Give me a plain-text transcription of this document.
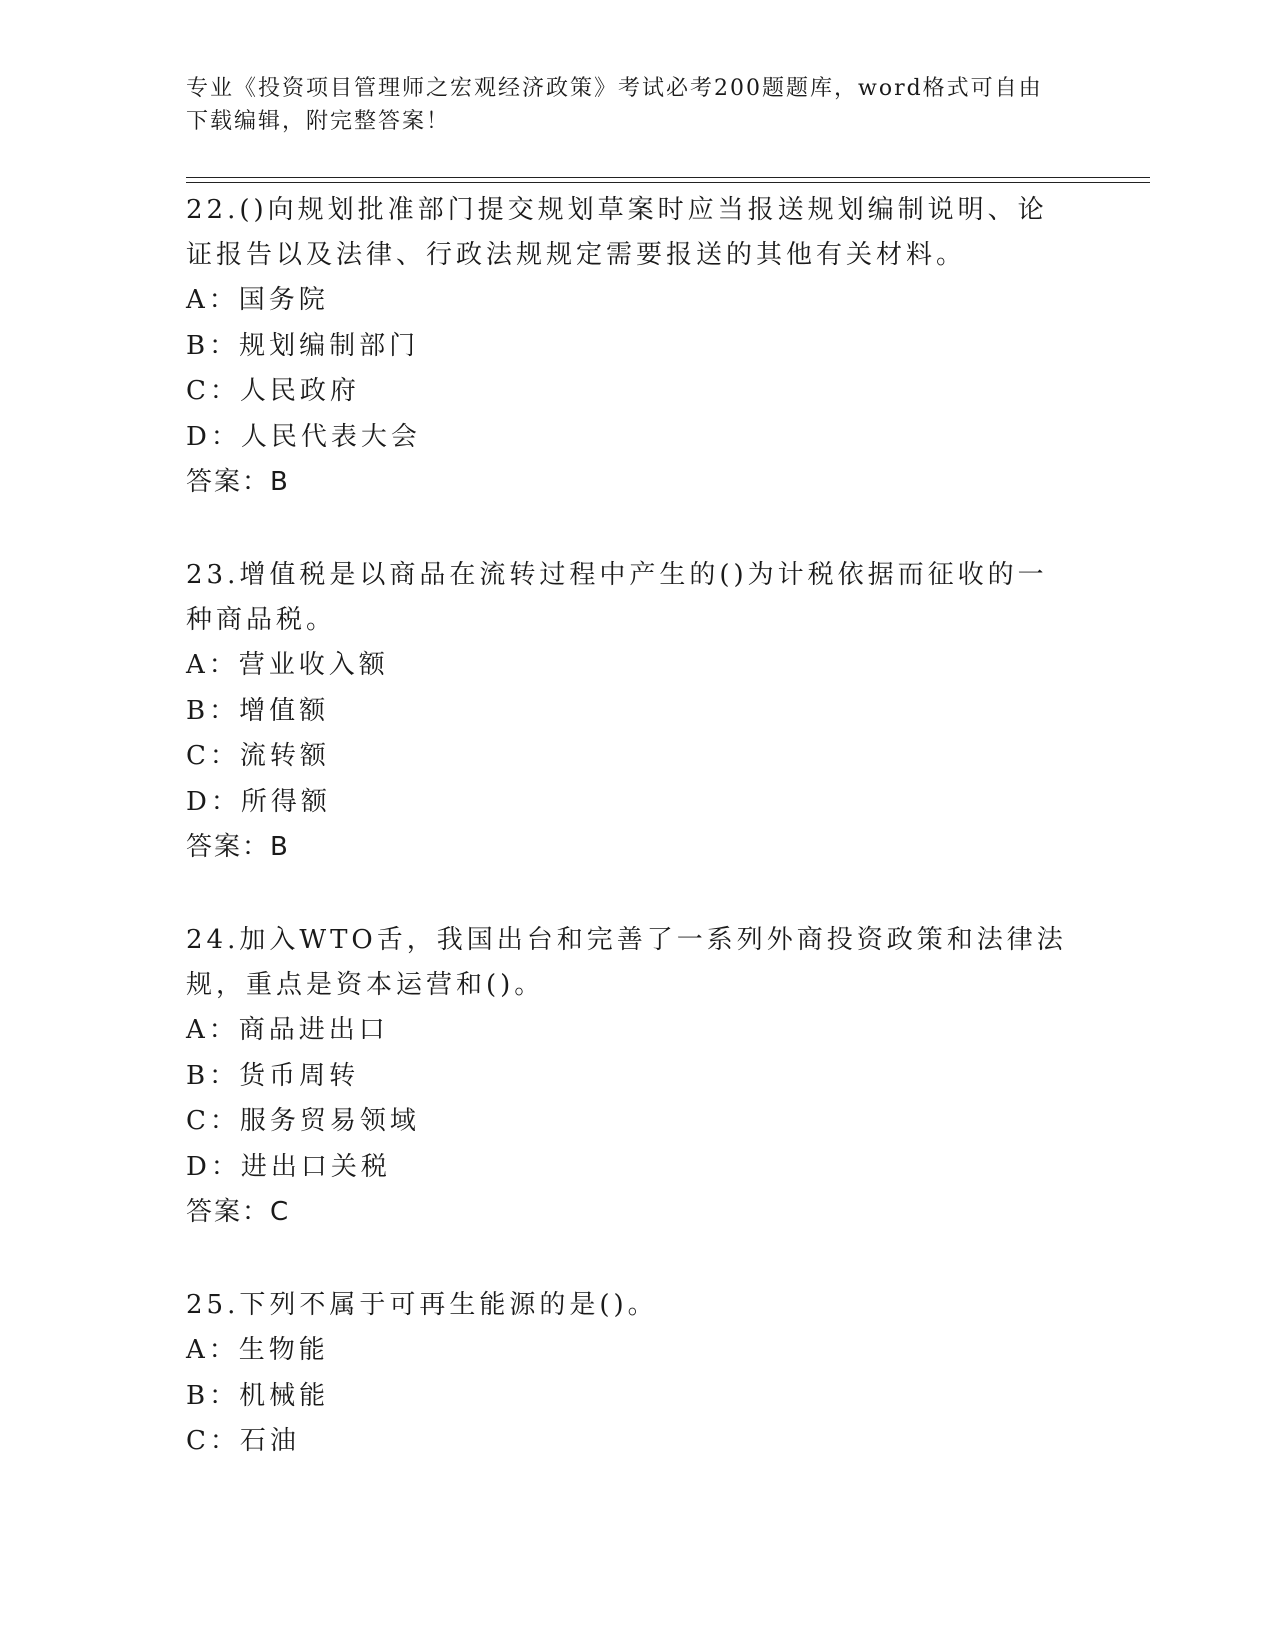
专业《投资项目管理师之宏观经济政策》考试必考200题题库，word格式可自由下载编辑，附完整答案！
22.()向规划批准部门提交规划草案时应当报送规划编制说明、论证报告以及法律、行政法规规定需要报送的其他有关材料。
A：国务院
B：规划编制部门
C：人民政府
D：人民代表大会
答案：B
23.增值税是以商品在流转过程中产生的()为计税依据而征收的一种商品税。
A：营业收入额
B：增值额
C：流转额
D：所得额
答案：B
24.加入WTO舌，我国出台和完善了一系列外商投资政策和法律法规，重点是资本运营和()。
A：商品进出口
B：货币周转
C：服务贸易领域
D：进出口关税
答案：C
25.下列不属于可再生能源的是()。
A：生物能
B：机械能
C：石油
